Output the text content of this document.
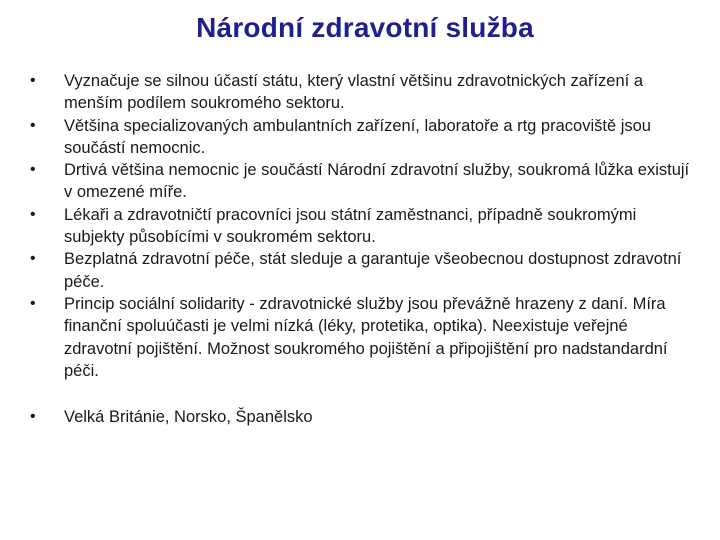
Národní zdravotní služba
•	Vyznačuje se silnou účastí státu, který vlastní většinu zdravotnických zařízení a menším podílem soukromého sektoru.
•	Většina specializovaných ambulantních zařízení, laboratoře a rtg pracoviště jsou součástí nemocnic.
•	Drtivá většina nemocnic je součástí Národní zdravotní služby, soukromá lůžka existují v omezené míře.
•	Lékaři a zdravotničtí pracovníci jsou státní zaměstnanci, případně soukromými subjekty působícími v soukromém sektoru.
•	Bezplatná zdravotní péče, stát sleduje a garantuje všeobecnou dostupnost zdravotní péče.
•	Princip sociální solidarity - zdravotnické služby jsou převážně hrazeny z daní. Míra finanční spoluúčasti je velmi nízká (léky, protetika, optika). Neexistuje veřejné zdravotní pojištění. Možnost soukromého pojištění a připojištění pro nadstandardní péči.
•	Velká Británie, Norsko, Španělsko
